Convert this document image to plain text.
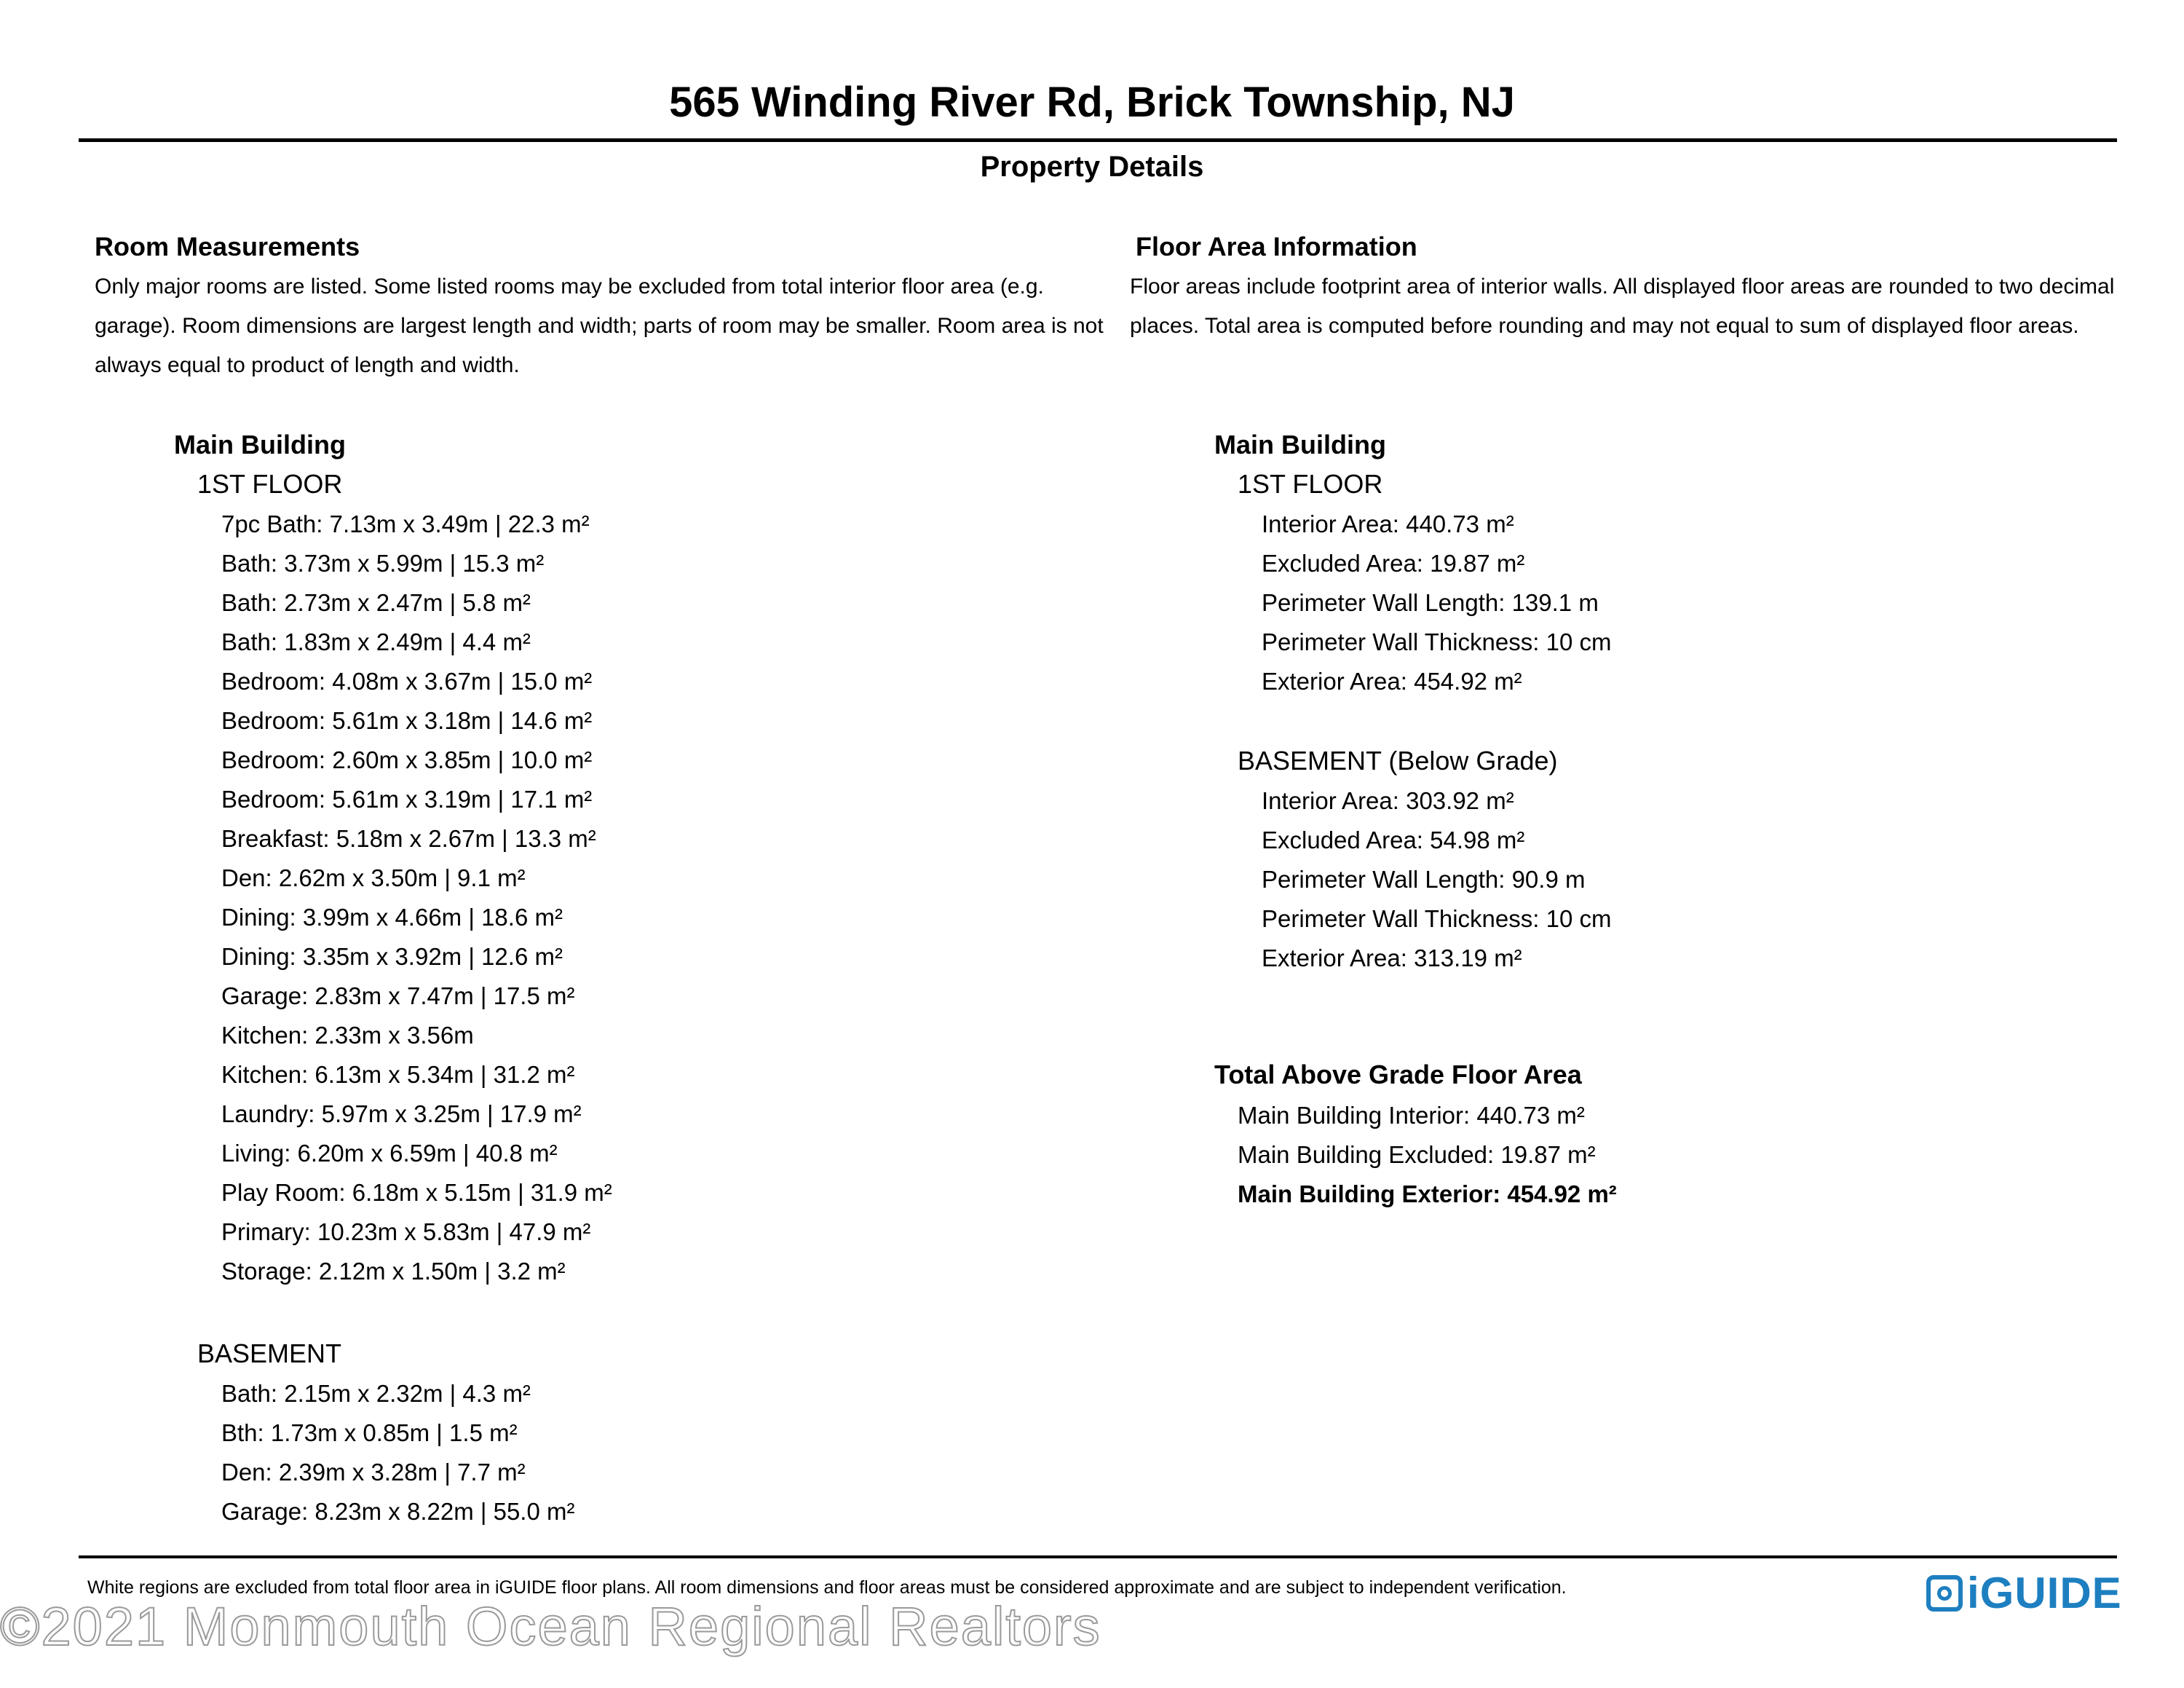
565 Winding River Rd, Brick Township, NJ
Property Details
Room Measurements
Only major rooms are listed. Some listed rooms may be excluded from total interior floor area (e.g. garage). Room dimensions are largest length and width; parts of room may be smaller. Room area is not always equal to product of length and width.
Main Building
1ST FLOOR
7pc Bath: 7.13m x 3.49m | 22.3 m²
Bath: 3.73m x 5.99m | 15.3 m²
Bath: 2.73m x 2.47m | 5.8 m²
Bath: 1.83m x 2.49m | 4.4 m²
Bedroom: 4.08m x 3.67m | 15.0 m²
Bedroom: 5.61m x 3.18m | 14.6 m²
Bedroom: 2.60m x 3.85m | 10.0 m²
Bedroom: 5.61m x 3.19m | 17.1 m²
Breakfast: 5.18m x 2.67m | 13.3 m²
Den: 2.62m x 3.50m | 9.1 m²
Dining: 3.99m x 4.66m | 18.6 m²
Dining: 3.35m x 3.92m | 12.6 m²
Garage: 2.83m x 7.47m | 17.5 m²
Kitchen: 2.33m x 3.56m
Kitchen: 6.13m x 5.34m | 31.2 m²
Laundry: 5.97m x 3.25m | 17.9 m²
Living: 6.20m x 6.59m | 40.8 m²
Play Room: 6.18m x 5.15m | 31.9 m²
Primary: 10.23m x 5.83m | 47.9 m²
Storage: 2.12m x 1.50m | 3.2 m²
BASEMENT
Bath: 2.15m x 2.32m | 4.3 m²
Bth: 1.73m x 0.85m | 1.5 m²
Den: 2.39m x 3.28m | 7.7 m²
Garage: 8.23m x 8.22m | 55.0 m²
Floor Area Information
Floor areas include footprint area of interior walls. All displayed floor areas are rounded to two decimal places. Total area is computed before rounding and may not equal to sum of displayed floor areas.
Main Building
1ST FLOOR
Interior Area: 440.73 m²
Excluded Area: 19.87 m²
Perimeter Wall Length: 139.1 m
Perimeter Wall Thickness: 10 cm
Exterior Area: 454.92 m²
BASEMENT (Below Grade)
Interior Area: 303.92 m²
Excluded Area: 54.98 m²
Perimeter Wall Length: 90.9 m
Perimeter Wall Thickness: 10 cm
Exterior Area: 313.19 m²
Total Above Grade Floor Area
Main Building Interior: 440.73 m²
Main Building Excluded: 19.87 m²
Main Building Exterior: 454.92 m²
White regions are excluded from total floor area in iGUIDE floor plans. All room dimensions and floor areas must be considered approximate and are subject to independent verification.
©2021 Monmouth Ocean Regional Realtors
iGUIDE
